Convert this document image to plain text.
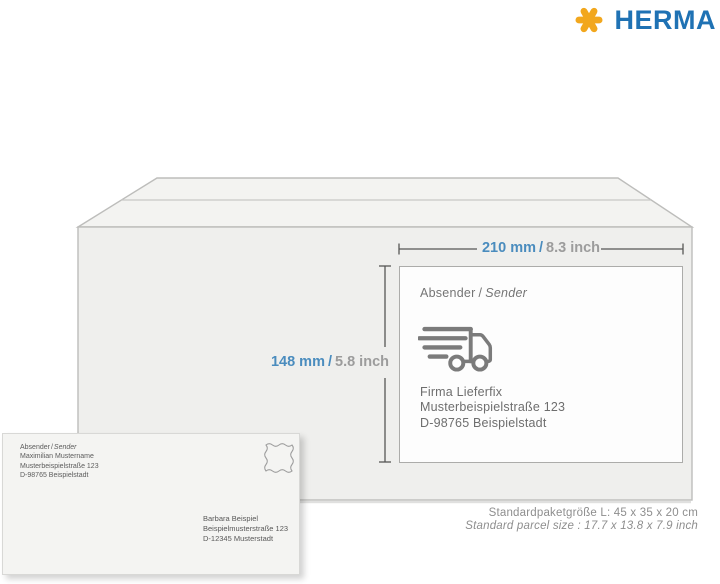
HERMA
210 mm / 8.3 inch
148 mm / 5.8 inch
Absender / Sender
Firma Lieferfix
Musterbeispielstraße 123
D-98765 Beispielstadt
Absender/Sender
Maximilian Mustername
Musterbeispielstraße 123
D-98765 Beispielstadt
Barbara Beispiel
Beispielmusterstraße 123
D-12345 Musterstadt
Standardpaketgröße L: 45 x 35 x 20 cm
Standard parcel size : 17.7 x 13.8 x 7.9 inch
